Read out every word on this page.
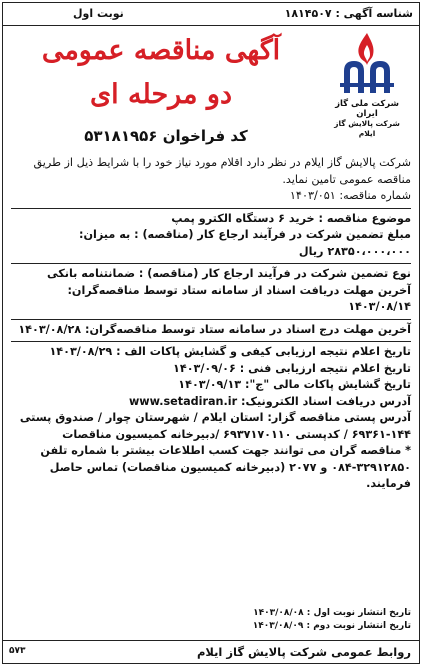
شناسه آگهی : ۱۸۱۴۵۰۷
نوبت اول
شرکت ملی گاز ایران
شرکت پالایش گاز ایلام
آگهی مناقصه عمومی
دو مرحله ای
کد فراخوان ۵۳۱۸۱۹۵۶

شرکت پالایش گاز ایلام در نظر دارد اقلام مورد نیاز خود را با شرایط ذیل از طریق مناقصه عمومی تامین نماید.

شماره مناقصه: ۱۴۰۳/۰۵۱

موضوع مناقصه : خرید ۶ دستگاه الکترو پمپ

مبلغ تضمین شرکت در فرآیند ارجاع کار (مناقصه) : به میزان: ۲۸۳۵۰،۰۰۰،۰۰۰ ریال

نوع تضمین شرکت در فرآیند ارجاع کار (مناقصه) : ضمانتنامه بانکی

آخرین مهلت دریافت اسناد از سامانه ستاد توسط مناقصه‌گران: ۱۴۰۳/۰۸/۱۴

آخرین مهلت درج اسناد در سامانه ستاد توسط مناقصه‌گران: ۱۴۰۳/۰۸/۲۸

تاریخ اعلام نتیجه ارزیابی کیفی و گشایش پاکات الف : ۱۴۰۳/۰۸/۲۹

تاریخ اعلام نتیجه ارزیابی فنی : ۱۴۰۳/۰۹/۰۶

تاریخ گشایش پاکات مالی "ج": ۱۴۰۳/۰۹/۱۳

آدرس دریافت اسناد الکترونیک: www.setadiran.ir

آدرس پستی مناقصه گزار: استان ایلام / شهرستان چوار / صندوق پستی ۱۴۴-۶۹۳۶۱ / کدپستی ۶۹۳۷۱۷۰۱۱۰ /دبیرخانه کمیسیون مناقصات

* مناقصه گران می توانند جهت کسب اطلاعات بیشتر با شماره تلفن ۳۲۹۱۲۸۵۰-۰۸۴ و ۲۰۷۷ (دبیرخانه کمیسیون مناقصات) تماس حاصل فرمایند.

تاریخ انتشار نوبت اول : ۱۴۰۳/۰۸/۰۸
تاریخ انتشار نوبت دوم : ۱۴۰۳/۰۸/۰۹
روابط عمومی شرکت پالایش گاز ایلام
۵۷۳
